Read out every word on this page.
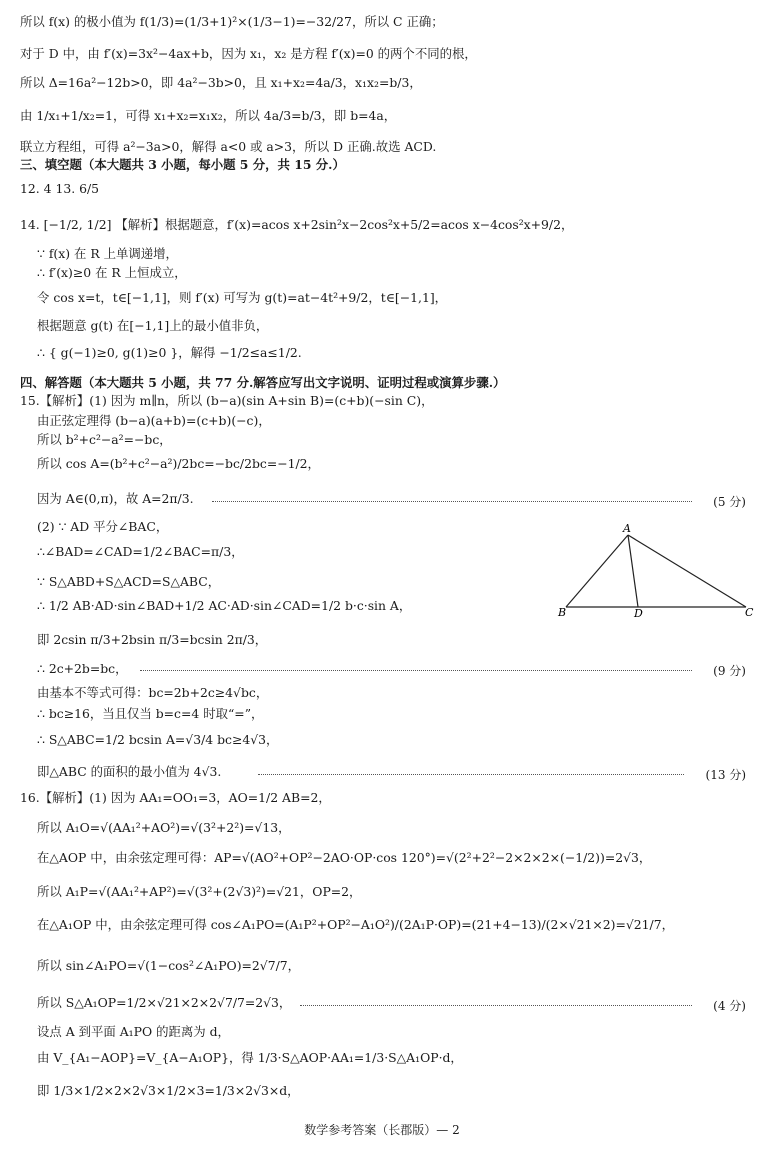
所以 f(x) 的极小值为 f(1/3)=(1/3+1)²×(1/3−1)=−32/27，所以 C 正确；
对于 D 中，由 f′(x)=3x²−4ax+b，因为 x₁，x₂ 是方程 f′(x)=0 的两个不同的根，
所以 Δ=16a²−12b>0，即 4a²−3b>0，且 x₁+x₂=4a/3，x₁x₂=b/3，
由 1/x₁+1/x₂=1，可得 x₁+x₂=x₁x₂，所以 4a/3=b/3，即 b=4a，
联立方程组，可得 a²−3a>0，解得 a<0 或 a>3，所以 D 正确.故选 ACD.
三、填空题（本大题共 3 小题，每小题 5 分，共 15 分.）
12. 4 13. 6/5
14. [−1/2, 1/2] 【解析】根据题意，f′(x)=acos x+2sin²x−2cos²x+5/2=acos x−4cos²x+9/2，
∵ f(x) 在 R 上单调递增，
∴ f′(x)≥0 在 R 上恒成立，
令 cos x=t，t∈[−1,1]，则 f′(x) 可写为 g(t)=at−4t²+9/2，t∈[−1,1]，
根据题意 g(t) 在[−1,1]上的最小值非负，
∴ { g(−1)≥0, g(1)≥0 }，解得 −1/2≤a≤1/2.
四、解答题（本大题共 5 小题，共 77 分.解答应写出文字说明、证明过程或演算步骤.）
15.【解析】(1) 因为 m∥n，所以 (b−a)(sin A+sin B)=(c+b)(−sin C)，
由正弦定理得 (b−a)(a+b)=(c+b)(−c)，
所以 b²+c²−a²=−bc，
所以 cos A=(b²+c²−a²)/2bc=−bc/2bc=−1/2，
因为 A∈(0,π)，故 A=2π/3.	(5 分)
(2) ∵ AD 平分∠BAC，
∴∠BAD=∠CAD=1/2∠BAC=π/3，
∵ S△ABD+S△ACD=S△ABC，
∴ 1/2 AB·AD·sin∠BAD+1/2 AC·AD·sin∠CAD=1/2 b·c·sin A，
即 2csin π/3+2bsin π/3=bcsin 2π/3，
∴ 2c+2b=bc，	(9 分)
由基本不等式可得：bc=2b+2c≥4√bc，
∴ bc≥16，当且仅当 b=c=4 时取“=”，
∴ S△ABC=1/2 bcsin A=√3/4 bc≥4√3，
即△ABC 的面积的最小值为 4√3.	(13 分)
16.【解析】(1) 因为 AA₁=OO₁=3，AO=1/2 AB=2，
所以 A₁O=√(AA₁²+AO²)=√(3²+2²)=√13，
在△AOP 中，由余弦定理可得：AP=√(AO²+OP²−2AO·OP·cos 120°)=√(2²+2²−2×2×2×(−1/2))=2√3，
所以 A₁P=√(AA₁²+AP²)=√(3²+(2√3)²)=√21，OP=2，
在△A₁OP 中，由余弦定理可得 cos∠A₁PO=(A₁P²+OP²−A₁O²)/(2A₁P·OP)=(21+4−13)/(2×√21×2)=√21/7，
所以 sin∠A₁PO=√(1−cos²∠A₁PO)=2√7/7，
所以 S△A₁OP=1/2×√21×2×2√7/7=2√3，	(4 分)
设点 A 到平面 A₁PO 的距离为 d，
由 V_{A₁−AOP}=V_{A−A₁OP}，得 1/3·S△AOP·AA₁=1/3·S△A₁OP·d，
即 1/3×1/2×2×2√3×1/2×3=1/3×2√3×d，
A
B	D	C
数学参考答案（长郡版）— 2
